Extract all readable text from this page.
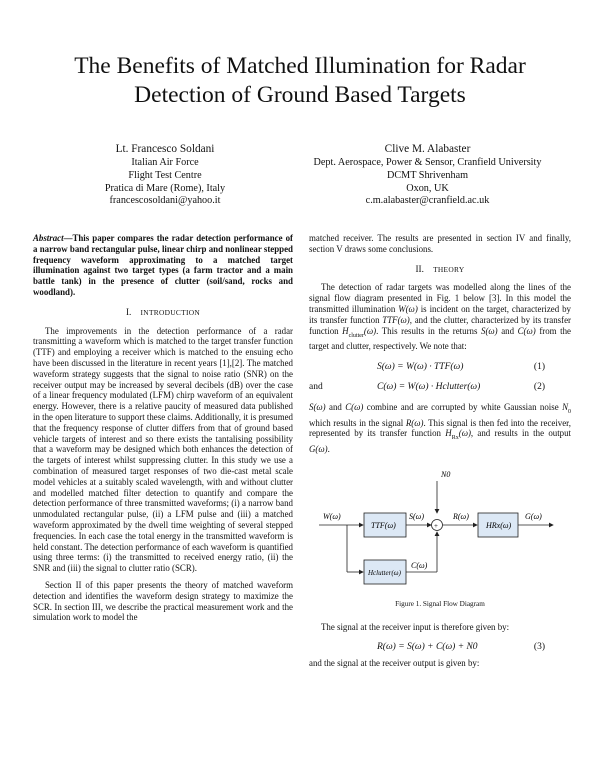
The Benefits of Matched Illumination for Radar
Detection of Ground Based Targets
Lt. Francesco Soldani
Italian Air Force
Flight Test Centre
Pratica di Mare (Rome), Italy
francescosoldani@yahoo.it
Clive M. Alabaster
Dept. Aerospace, Power & Sensor, Cranfield University
DCMT Shrivenham
Oxon, UK
c.m.alabaster@cranfield.ac.uk

Abstract—This paper compares the radar detection performance of a narrow band rectangular pulse, linear chirp and nonlinear stepped frequency waveform approximating to a matched target illumination against two target types (a farm tractor and a main battle tank) in the presence of clutter (soil/sand, rocks and woodland).

I. INTRODUCTION

The improvements in the detection performance of a radar transmitting a waveform which is matched to the target transfer function (TTF) and employing a receiver which is matched to the ensuing echo have been discussed in the literature in recent years [1],[2]. The matched waveform strategy suggests that the signal to noise ratio (SNR) on the receiver output may be increased by several decibels (dB) over the case of a linear frequency modulated (LFM) chirp waveform of an equivalent energy. However, there is a relative paucity of measured data published in the open literature to support these claims. Additionally, it is presumed that the frequency response of clutter differs from that of ground based vehicle targets of interest and so there exists the tantalising possibility that a waveform may be designed which both enhances the detection of the targets of interest whilst suppressing clutter. In this study we use a combination of measured target responses of two die-cast metal scale model vehicles at a suitably scaled wavelength, with and without clutter and modelled matched filter detection to quantify and compare the detection performance of three transmitted waveforms; (i) a narrow band unmodulated rectangular pulse, (ii) a LFM pulse and (iii) a matched waveform approximated by the dwell time weighting of several stepped frequencies. In each case the total energy in the transmitted waveform is held constant. The detection performance of each waveform is quantified using three terms: (i) the transmitted to received energy ratio, (ii) the SNR and (iii) the signal to clutter ratio (SCR).

Section II of this paper presents the theory of matched waveform detection and identifies the waveform design strategy to maximize the SCR. In section III, we describe the practical measurement work and the simulation work to model the

matched receiver. The results are presented in section IV and finally, section V draws some conclusions.

II. THEORY

The detection of radar targets was modelled along the lines of the signal flow diagram presented in Fig. 1 below [3]. In this model the transmitted illumination W(ω) is incident on the target, characterized by its transfer function TTF(ω), and the clutter, characterized by its transfer function $H_{clutter}(\omega)$. This results in the returns S(ω) and C(ω) from the target and clutter, respectively. We note that:

S(ω) = W(ω) · TTF(ω)	(1)
and	C(ω) = W(ω) · Hclutter(ω)	(2)

S(ω) and C(ω) combine and are corrupted by white Gaussian noise $N_0$ which results in the signal R(ω). This signal is then fed into the receiver, represented by its transfer function $H_{Rx}(\omega)$, and results in the output G(ω).

N0
W(ω)
TTF(ω)
S(ω)
+
Hclutter(ω)
C(ω)
R(ω)
HRx(ω)
G(ω)
Figure 1. Signal Flow Diagram

The signal at the receiver input is therefore given by:

R(ω) = S(ω) + C(ω) + N0	(3)

and the signal at the receiver output is given by:
